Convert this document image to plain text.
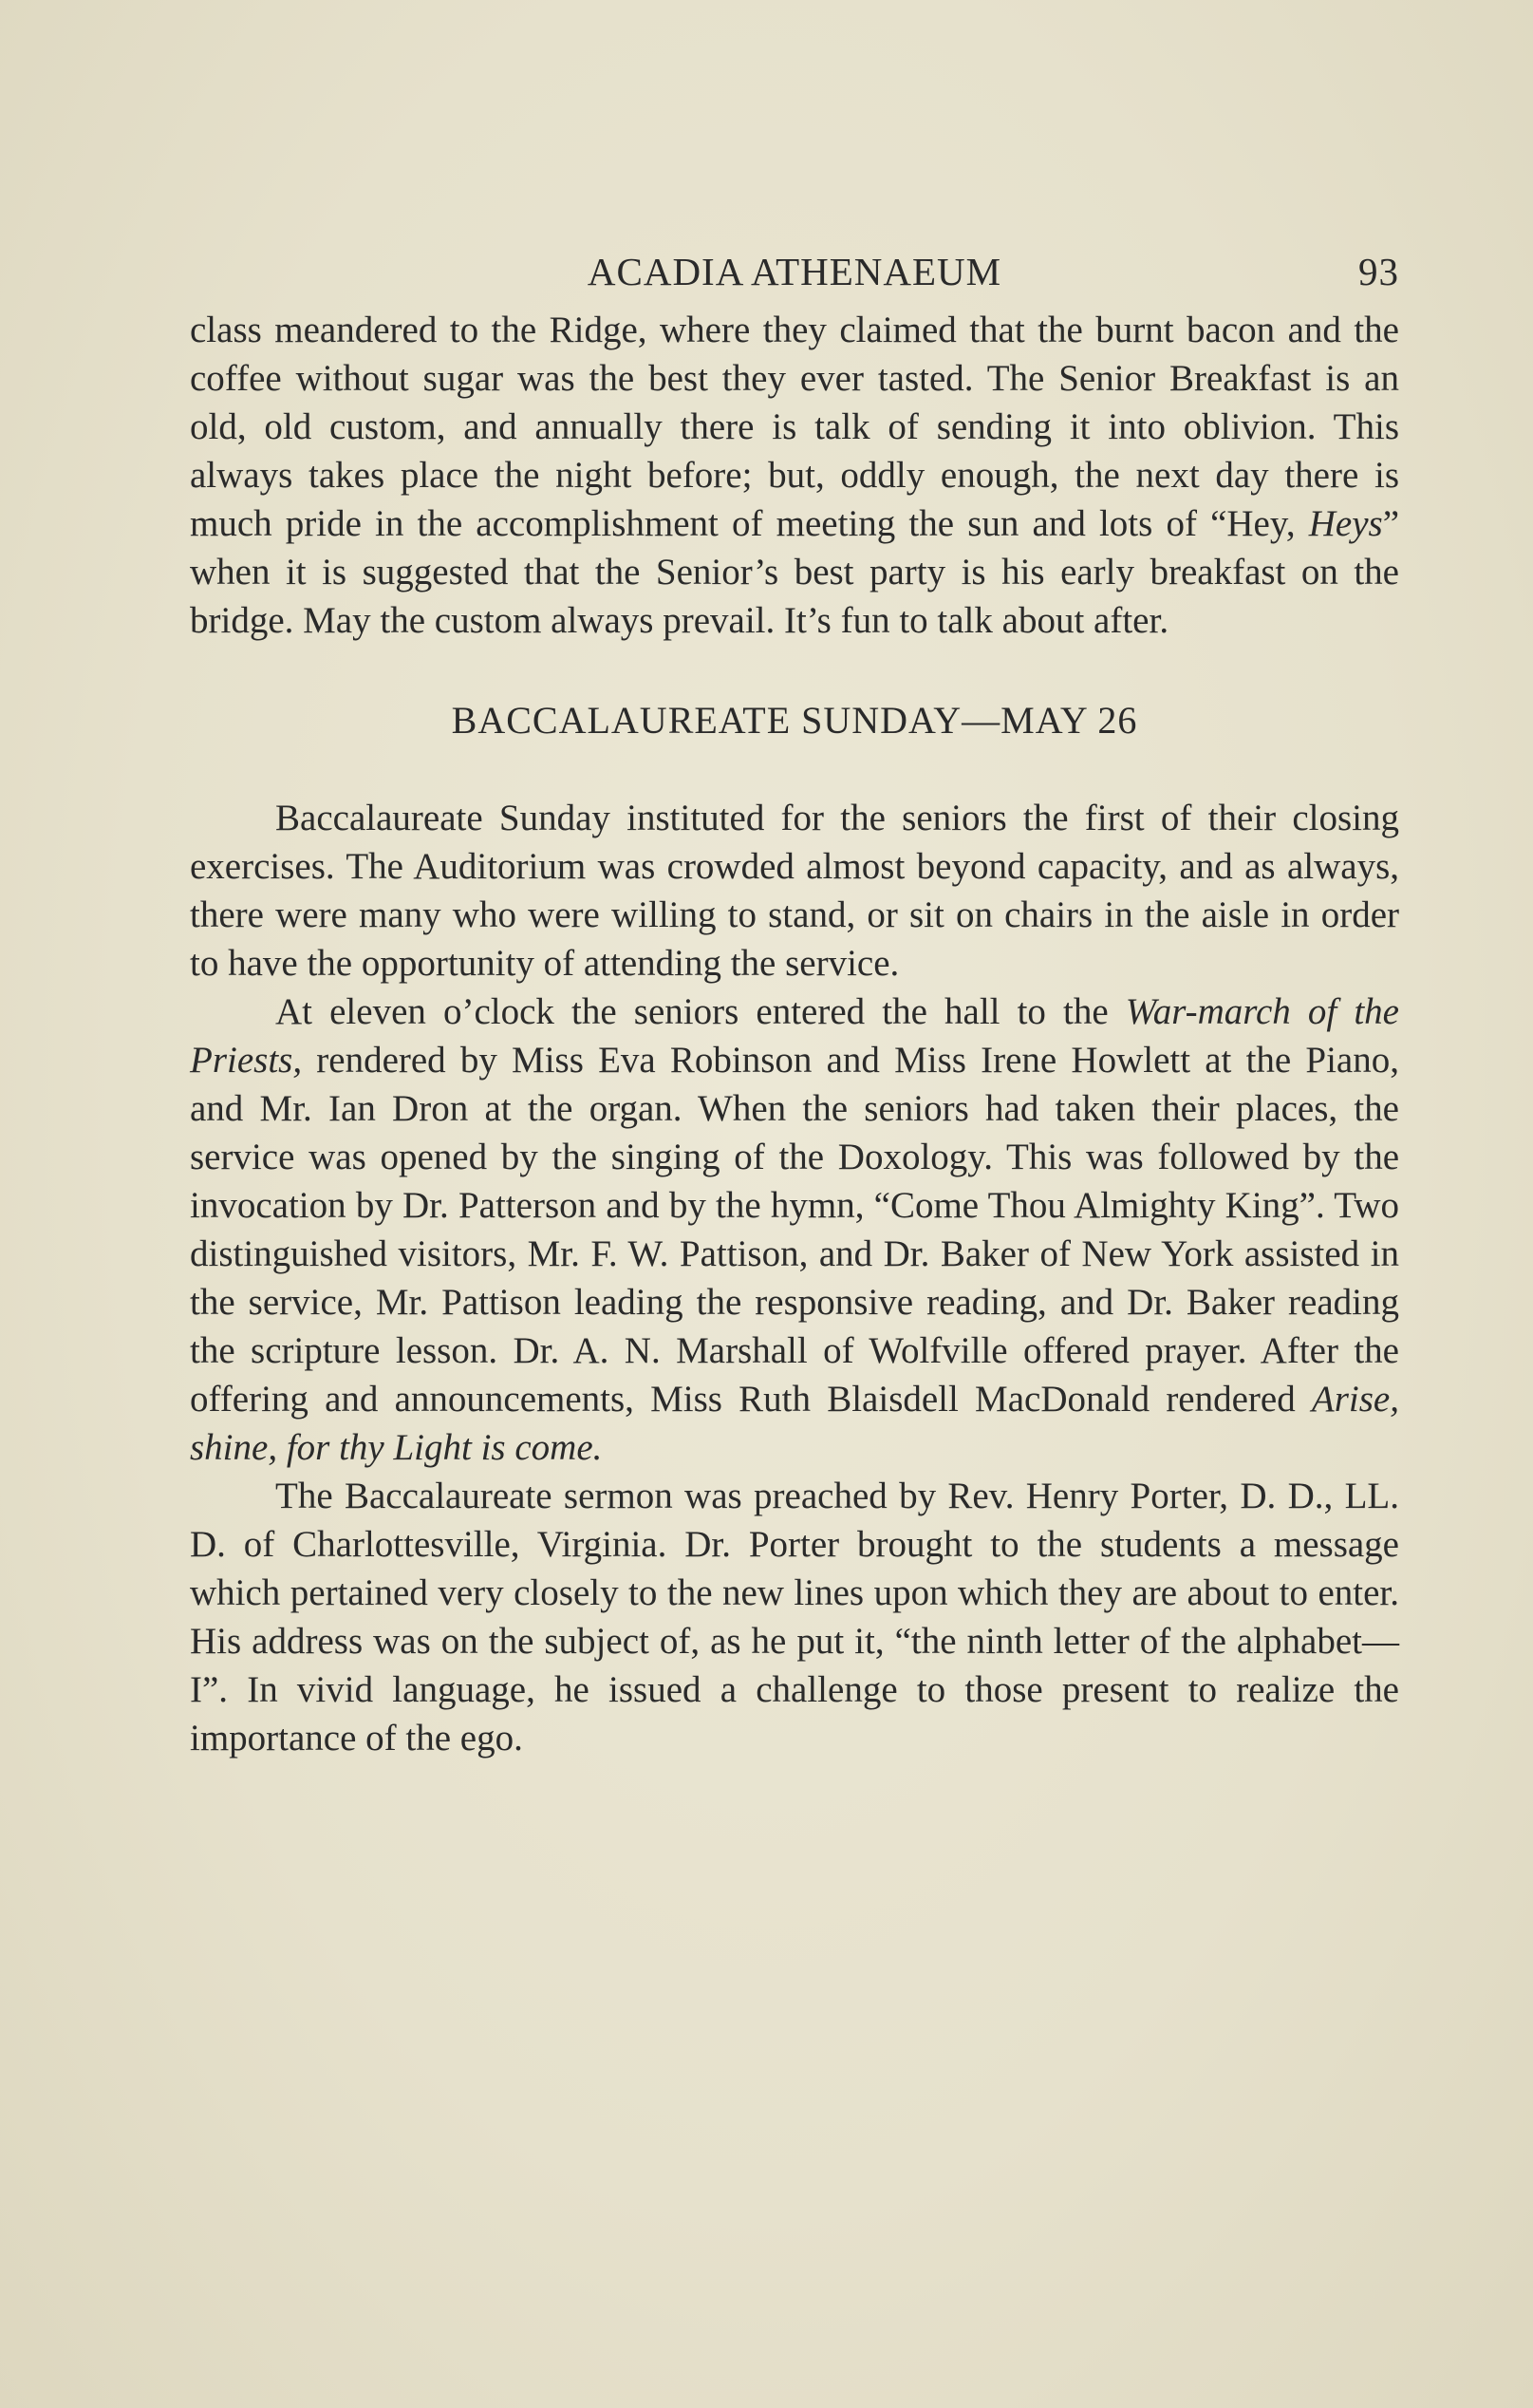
ACADIA ATHENAEUM	93

class meandered to the Ridge, where they claimed that the burnt bacon and the coffee without sugar was the best they ever tasted. The Senior Breakfast is an old, old custom, and annually there is talk of sending it into oblivion. This always takes place the night before; but, oddly enough, the next day there is much pride in the accomplishment of meeting the sun and lots of “Hey, Heys” when it is suggested that the Senior’s best party is his early breakfast on the bridge. May the custom always prevail. It’s fun to talk about after.

BACCALAUREATE SUNDAY—MAY 26

Baccalaureate Sunday instituted for the seniors the first of their closing exercises. The Auditorium was crowded almost beyond capacity, and as always, there were many who were willing to stand, or sit on chairs in the aisle in order to have the opportunity of attending the service.

At eleven o’clock the seniors entered the hall to the War-march of the Priests, rendered by Miss Eva Robinson and Miss Irene Howlett at the Piano, and Mr. Ian Dron at the organ. When the seniors had taken their places, the service was opened by the singing of the Doxology. This was followed by the invocation by Dr. Patterson and by the hymn, “Come Thou Almighty King”. Two distinguished visitors, Mr. F. W. Pattison, and Dr. Baker of New York assisted in the service, Mr. Pattison leading the responsive reading, and Dr. Baker reading the scripture lesson. Dr. A. N. Marshall of Wolfville offered prayer. After the offering and announcements, Miss Ruth Blaisdell MacDonald rendered Arise, shine, for thy Light is come.

The Baccalaureate sermon was preached by Rev. Henry Porter, D. D., LL. D. of Charlottesville, Virginia. Dr. Porter brought to the students a message which pertained very closely to the new lines upon which they are about to enter. His address was on the subject of, as he put it, “the ninth letter of the alphabet—I”. In vivid language, he issued a challenge to those present to realize the importance of the ego.
